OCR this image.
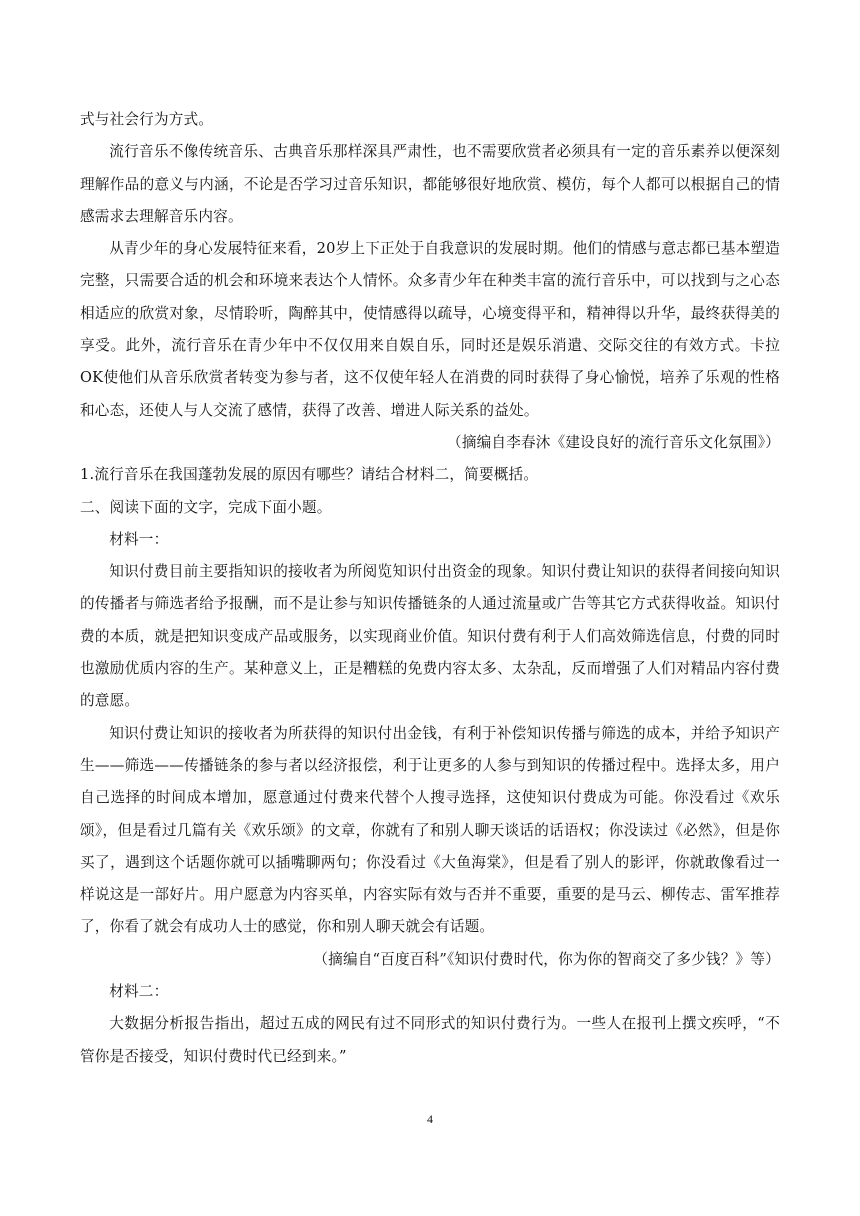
式与社会行为方式。

流行音乐不像传统音乐、古典音乐那样深具严肃性，也不需要欣赏者必须具有一定的音乐素养以便深刻理解作品的意义与内涵，不论是否学习过音乐知识，都能够很好地欣赏、模仿，每个人都可以根据自己的情感需求去理解音乐内容。

从青少年的身心发展特征来看，20岁上下正处于自我意识的发展时期。他们的情感与意志都已基本塑造完整，只需要合适的机会和环境来表达个人情怀。众多青少年在种类丰富的流行音乐中，可以找到与之心态相适应的欣赏对象，尽情聆听，陶醉其中，使情感得以疏导，心境变得平和，精神得以升华，最终获得美的享受。此外，流行音乐在青少年中不仅仅用来自娱自乐，同时还是娱乐消遣、交际交往的有效方式。卡拉OK使他们从音乐欣赏者转变为参与者，这不仅使年轻人在消费的同时获得了身心愉悦，培养了乐观的性格和心态，还使人与人交流了感情，获得了改善、增进人际关系的益处。

（摘编自李春沐《建设良好的流行音乐文化氛围》）

1.流行音乐在我国蓬勃发展的原因有哪些？请结合材料二，简要概括。

二、阅读下面的文字，完成下面小题。

材料一：

知识付费目前主要指知识的接收者为所阅览知识付出资金的现象。知识付费让知识的获得者间接向知识的传播者与筛选者给予报酬，而不是让参与知识传播链条的人通过流量或广告等其它方式获得收益。知识付费的本质，就是把知识变成产品或服务，以实现商业价值。知识付费有利于人们高效筛选信息，付费的同时也激励优质内容的生产。某种意义上，正是糟糕的免费内容太多、太杂乱，反而增强了人们对精品内容付费的意愿。

知识付费让知识的接收者为所获得的知识付出金钱，有利于补偿知识传播与筛选的成本，并给予知识产生——筛选——传播链条的参与者以经济报偿，利于让更多的人参与到知识的传播过程中。选择太多，用户自己选择的时间成本增加，愿意通过付费来代替个人搜寻选择，这使知识付费成为可能。你没看过《欢乐颂》，但是看过几篇有关《欢乐颂》的文章，你就有了和别人聊天谈话的话语权；你没读过《必然》，但是你买了，遇到这个话题你就可以插嘴聊两句；你没看过《大鱼海棠》，但是看了别人的影评，你就敢像看过一样说这是一部好片。用户愿意为内容买单，内容实际有效与否并不重要，重要的是马云、柳传志、雷军推荐了，你看了就会有成功人士的感觉，你和别人聊天就会有话题。

（摘编自“百度百科”《知识付费时代，你为你的智商交了多少钱？》等）

材料二：

大数据分析报告指出，超过五成的网民有过不同形式的知识付费行为。一些人在报刊上撰文疾呼，“不管你是否接受，知识付费时代已经到来。”

4
